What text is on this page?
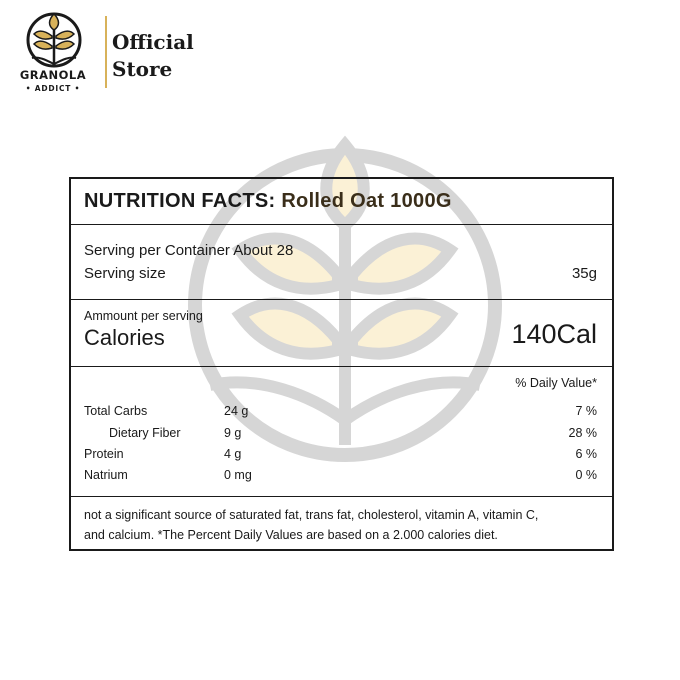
GRANOLA
• ADDICT •
Official
Store
NUTRITION FACTS: Rolled Oat 1000G
Serving per Container About 28
Serving size	35g
Ammount per serving
Calories	140Cal
% Daily Value*
Total Carbs	24 g	7 %
Dietary Fiber	9 g	28 %
Protein	4 g	6 %
Natrium	0 mg	0 %
not a significant source of saturated fat, trans fat, cholesterol, vitamin A, vitamin C,
and calcium. *The Percent Daily Values are based on a 2.000 calories diet.
